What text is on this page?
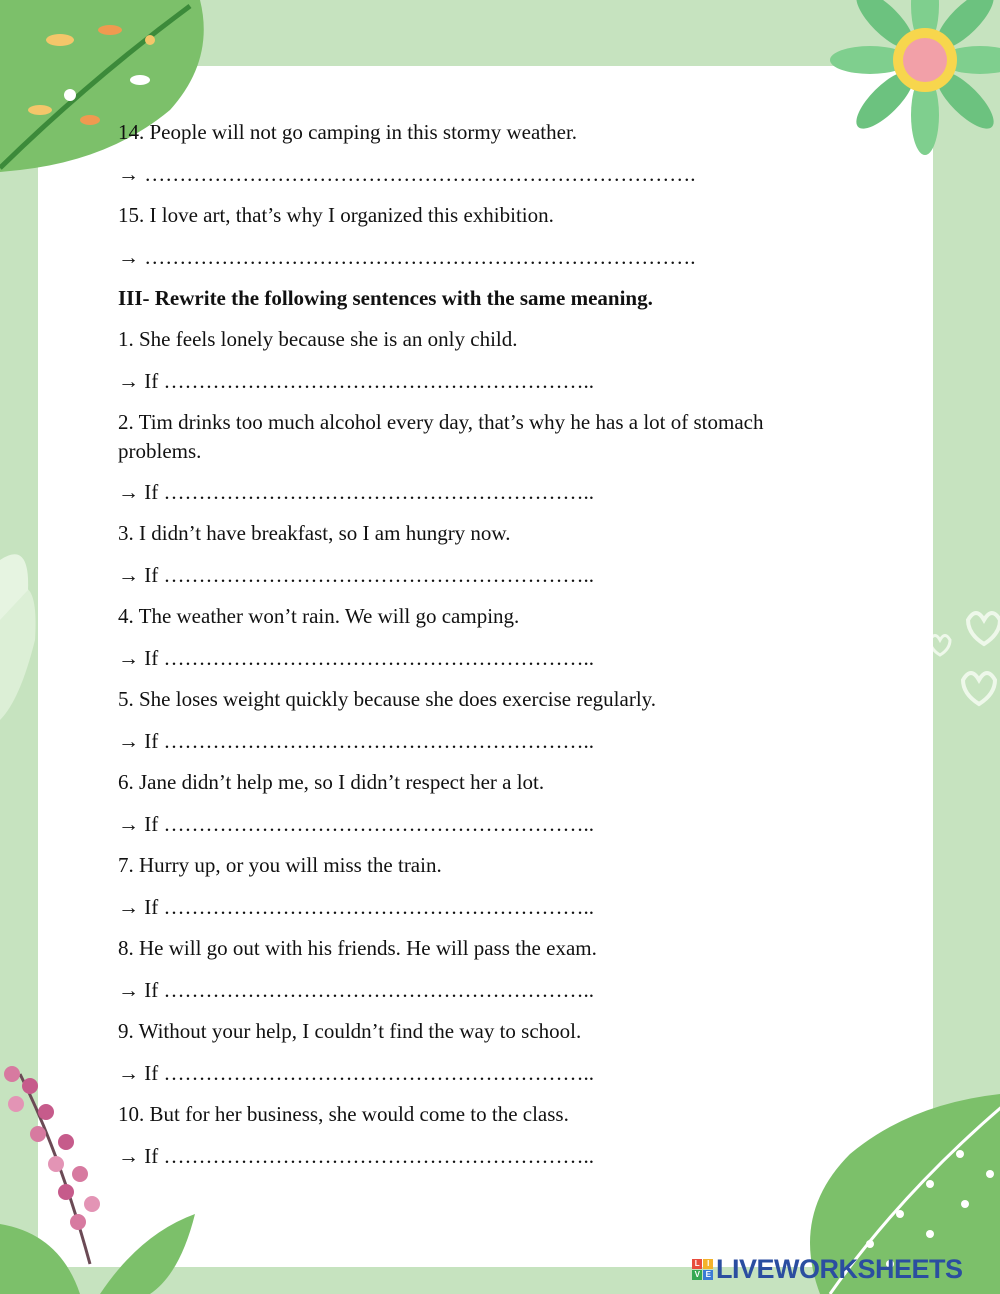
14. People will not go camping in this stormy weather.
→ …………………………………………………………………….
15. I love art, that’s why I organized this exhibition.
→ …………………………………………………………………….
III- Rewrite the following sentences with the same meaning.
1. She feels lonely because she is an only child.
→ If ……………………………………………………..
2. Tim drinks too much alcohol every day, that’s why he has a lot of stomach problems.
→ If ……………………………………………………..
3. I didn’t have breakfast, so I am hungry now.
→ If ……………………………………………………..
4. The weather won’t rain. We will go camping.
→ If ……………………………………………………..
5. She loses weight quickly because she does exercise regularly.
→ If ……………………………………………………..
6. Jane didn’t help me, so I didn’t respect her a lot.
→ If ……………………………………………………..
7. Hurry up, or you will miss the train.
→ If ……………………………………………………..
8. He will go out with his friends. He will pass the exam.
→ If ……………………………………………………..
9. Without your help, I couldn’t find the way to school.
→ If ……………………………………………………..
10. But for her business, she would come to the class.
→ If ……………………………………………………..
L I
V E LIVEWORKSHEETS
